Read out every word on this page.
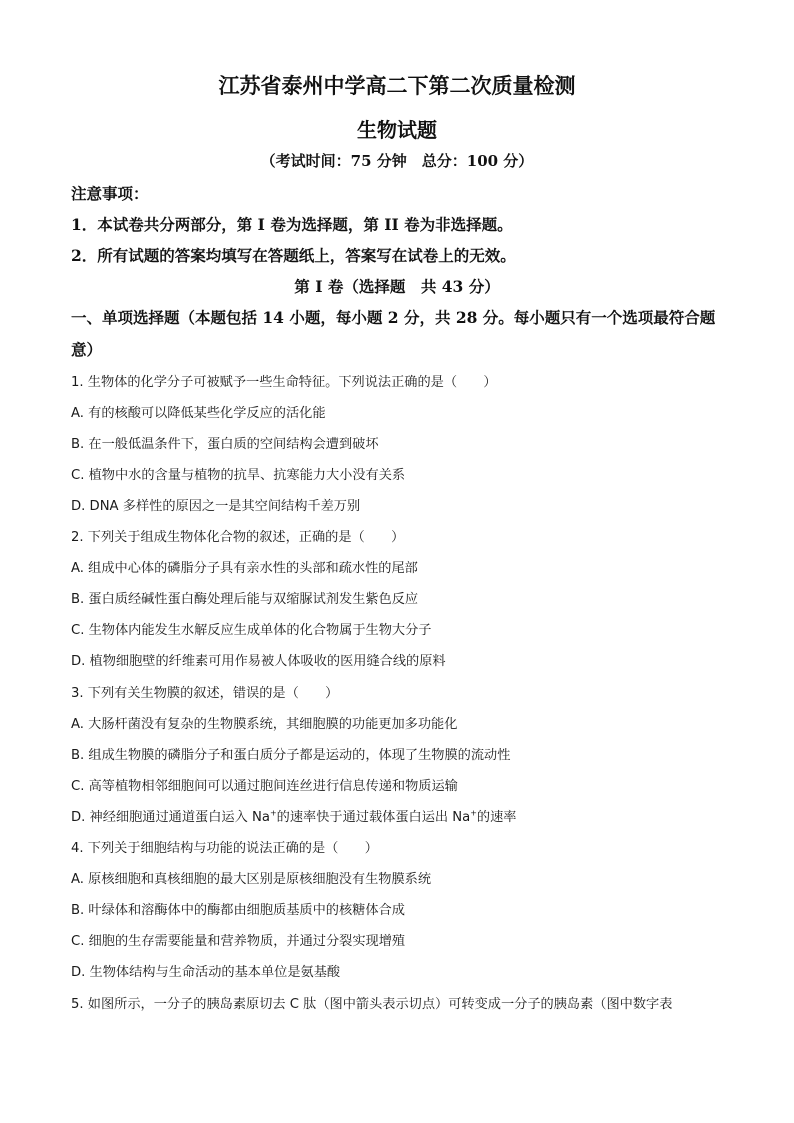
江苏省泰州中学高二下第二次质量检测
生物试题
（考试时间：75 分钟　总分：100 分）
注意事项：
1．本试卷共分两部分，第 I 卷为选择题，第 II 卷为非选择题。
2．所有试题的答案均填写在答题纸上，答案写在试卷上的无效。
第 I 卷（选择题　共 43 分）
一、单项选择题（本题包括 14 小题，每小题 2 分，共 28 分。每小题只有一个选项最符合题
意）
1. 生物体的化学分子可被赋予一些生命特征。下列说法正确的是（　　）
A. 有的核酸可以降低某些化学反应的活化能
B. 在一般低温条件下，蛋白质的空间结构会遭到破坏
C. 植物中水的含量与植物的抗旱、抗寒能力大小没有关系
D. DNA 多样性的原因之一是其空间结构千差万别
2. 下列关于组成生物体化合物的叙述，正确的是（　　）
A. 组成中心体的磷脂分子具有亲水性的头部和疏水性的尾部
B. 蛋白质经碱性蛋白酶处理后能与双缩脲试剂发生紫色反应
C. 生物体内能发生水解反应生成单体的化合物属于生物大分子
D. 植物细胞壁的纤维素可用作易被人体吸收的医用缝合线的原料
3. 下列有关生物膜的叙述，错误的是（　　）
A. 大肠杆菌没有复杂的生物膜系统，其细胞膜的功能更加多功能化
B. 组成生物膜的磷脂分子和蛋白质分子都是运动的，体现了生物膜的流动性
C. 高等植物相邻细胞间可以通过胞间连丝进行信息传递和物质运输
D. 神经细胞通过通道蛋白运入 Na+的速率快于通过载体蛋白运出 Na+的速率
4. 下列关于细胞结构与功能的说法正确的是（　　）
A. 原核细胞和真核细胞的最大区别是原核细胞没有生物膜系统
B. 叶绿体和溶酶体中的酶都由细胞质基质中的核糖体合成
C. 细胞的生存需要能量和营养物质，并通过分裂实现增殖
D. 生物体结构与生命活动的基本单位是氨基酸
5. 如图所示，一分子的胰岛素原切去 C 肽（图中箭头表示切点）可转变成一分子的胰岛素（图中数字表
